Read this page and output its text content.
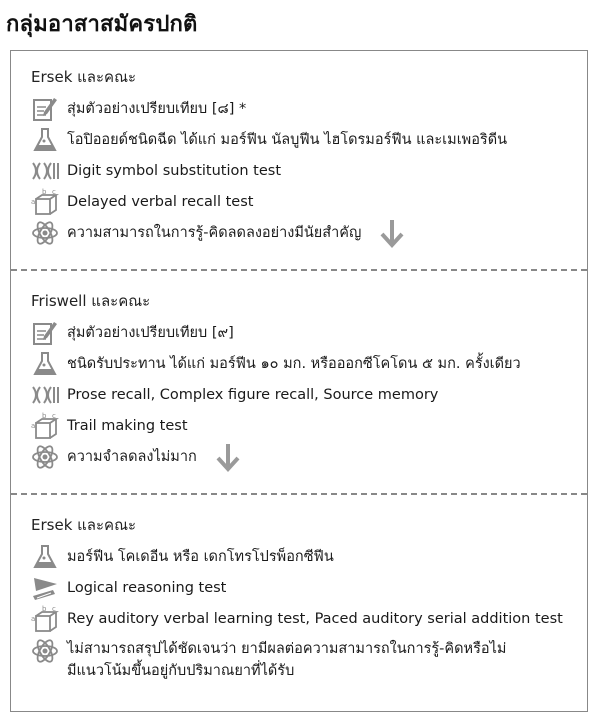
กลุ่มอาสาสมัครปกติ
Ersek และคณะ
สุ่มตัวอย่างเปรียบเทียบ [๘] *
โอปิออยด์ชนิดฉีด ได้แก่ มอร์ฟีน นัลบูฟีน ไฮโดรมอร์ฟีน และเมเพอริดีน
Digit symbol substitution test
b c
a Delayed verbal recall test
ความสามารถในการรู้-คิดลดลงอย่างมีนัยสำคัญ
Friswell และคณะ
สุ่มตัวอย่างเปรียบเทียบ [๙]
ชนิดรับประทาน ได้แก่ มอร์ฟีน ๑๐ มก. หรือออกซีโคโดน ๕ มก. ครั้งเดียว
Prose recall, Complex figure recall, Source memory
b c
a Trail making test
ความจำลดลงไม่มาก
Ersek และคณะ
มอร์ฟีน โคเดอีน หรือ เดกโทรโปรพ็อกซีฟีน
Logical reasoning test
b c
a Rey auditory verbal learning test, Paced auditory serial addition test
ไม่สามารถสรุปได้ชัดเจนว่า ยามีผลต่อความสามารถในการรู้-คิดหรือไม่
มีแนวโน้มขึ้นอยู่กับปริมาณยาที่ได้รับ
